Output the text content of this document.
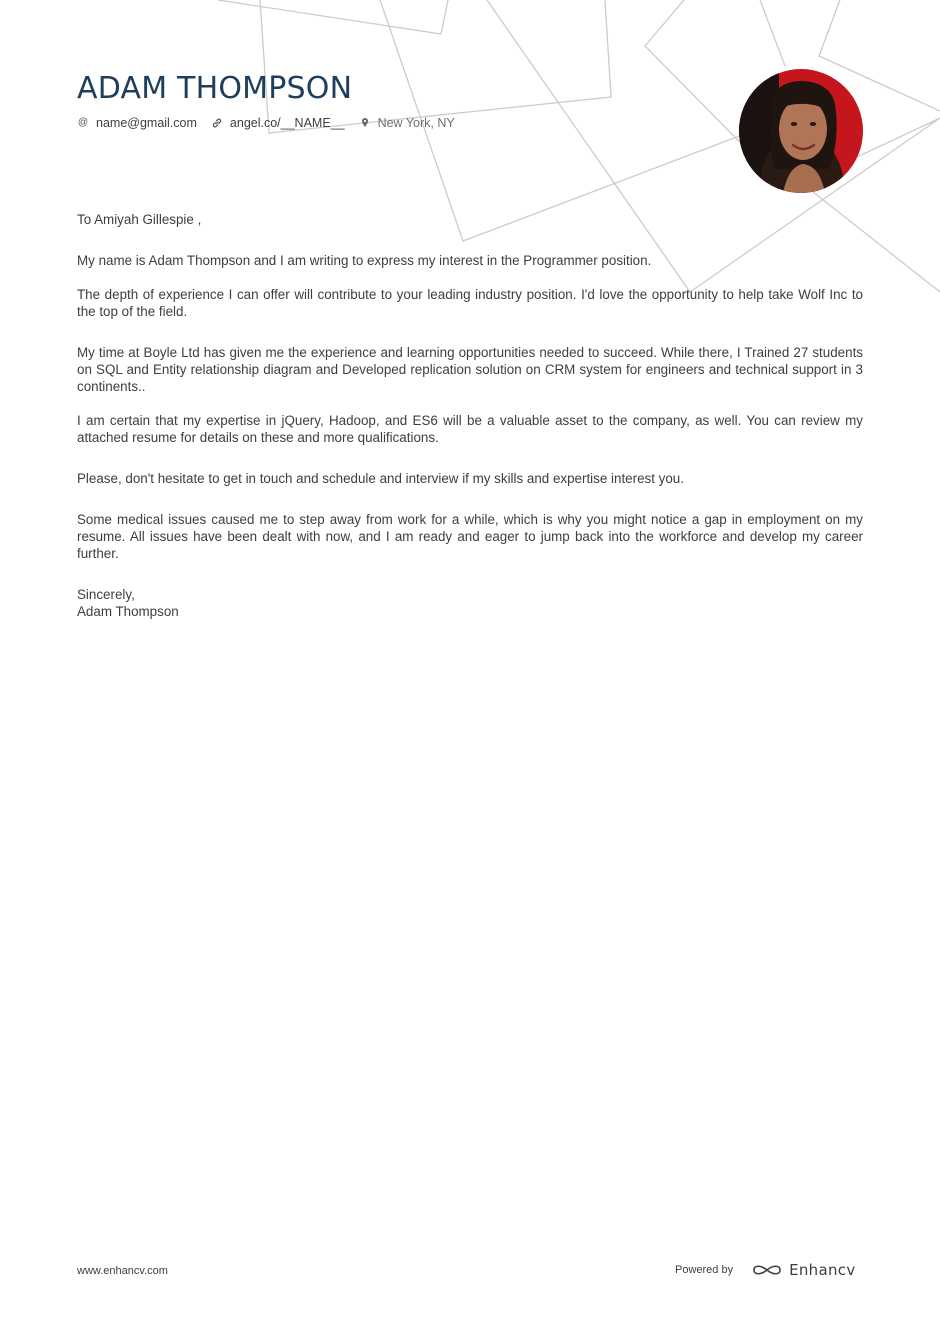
ADAM THOMPSON
@ name@gmail.com	angel.co/__NAME__	New York, NY

To Amiyah Gillespie ,

My name is Adam Thompson and I am writing to express my interest in the Programmer position.

The depth of experience I can offer will contribute to your leading industry position. I'd love the opportunity to help take Wolf Inc to the top of the field.

My time at Boyle Ltd has given me the experience and learning opportunities needed to succeed. While there, I Trained 27 students on SQL and Entity relationship diagram and Developed replication solution on CRM system for engineers and technical support in 3 continents..

I am certain that my expertise in jQuery, Hadoop, and ES6 will be a valuable asset to the company, as well. You can review my attached resume for details on these and more qualifications.

Please, don't hesitate to get in touch and schedule and interview if my skills and expertise interest you.

Some medical issues caused me to step away from work for a while, which is why you might notice a gap in employment on my resume. All issues have been dealt with now, and I am ready and eager to jump back into the workforce and develop my career further.

Sincerely,
Adam Thompson

www.enhancv.com	Powered by	Enhancv
